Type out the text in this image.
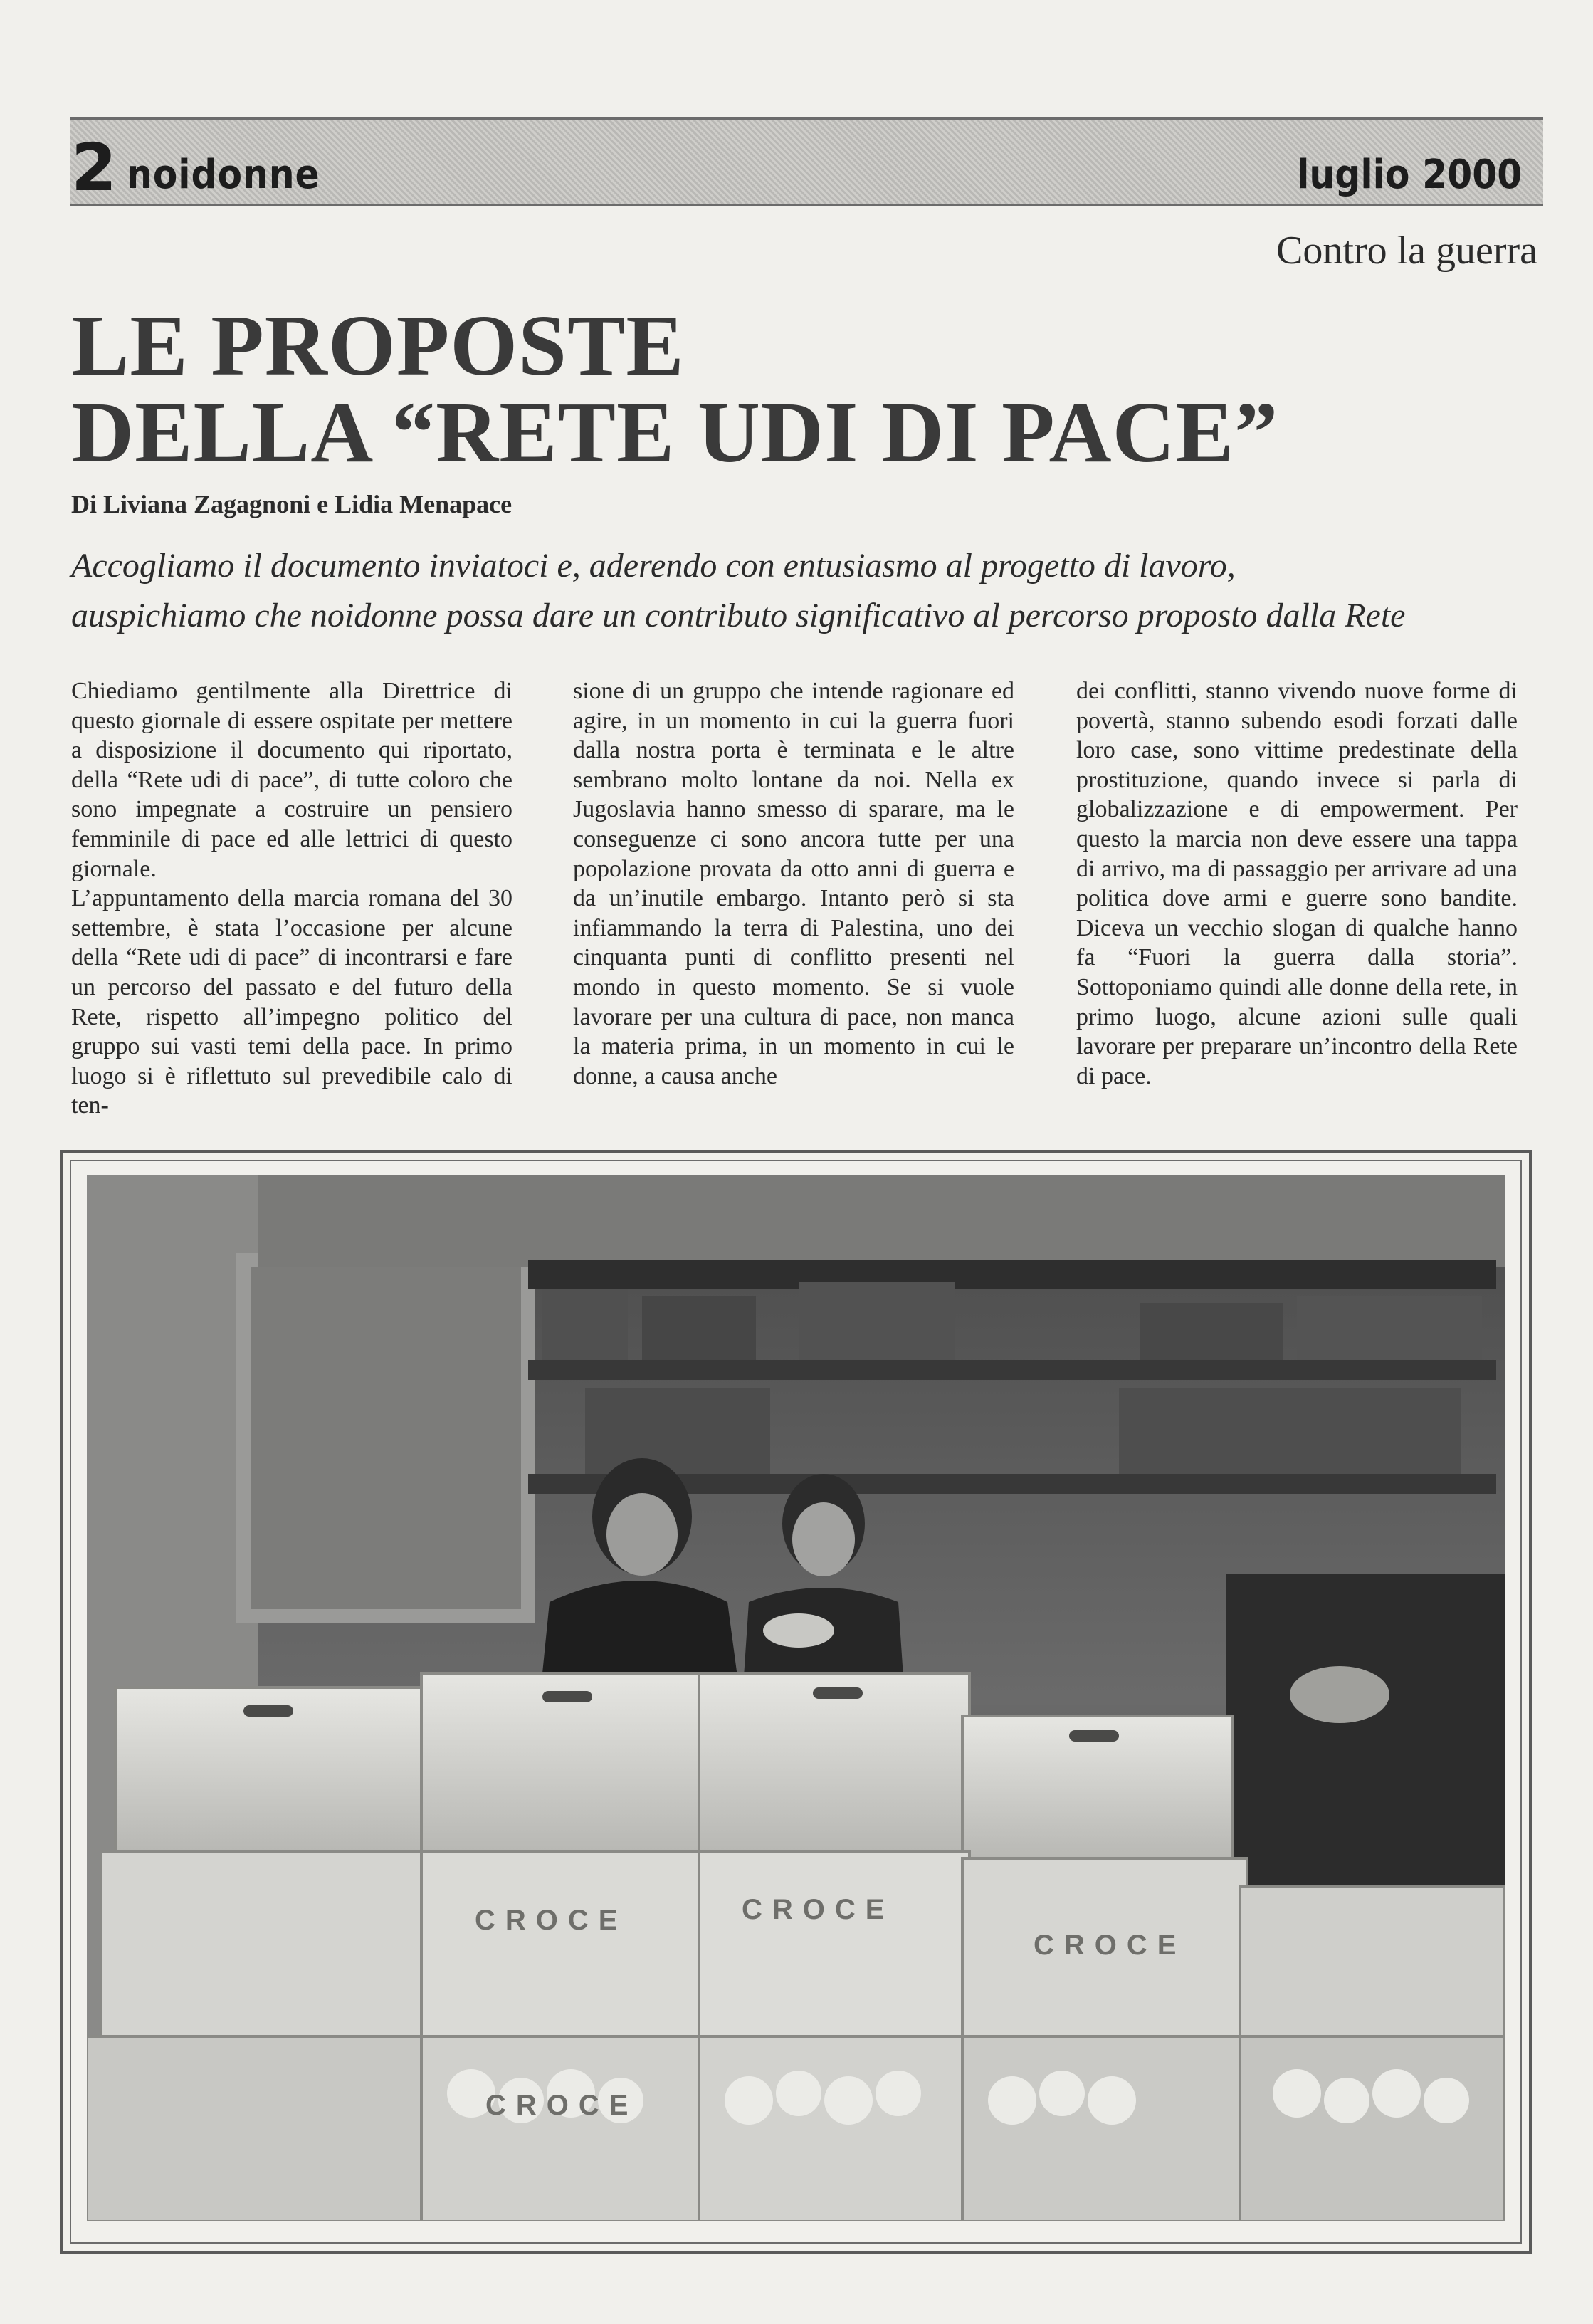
2 noidonne	luglio 2000
Contro la guerra
LE PROPOSTE
DELLA “RETE UDI DI PACE”
Di Liviana Zagagnoni e Lidia Menapace
Accogliamo il documento inviatoci e, aderendo con entusiasmo al progetto di lavoro,
auspichiamo che noidonne possa dare un contributo significativo al percorso proposto dalla Rete

Chiediamo gentilmente alla Direttrice di questo giornale di essere ospitate per mettere a disposizione il documento qui riportato, della “Rete udi di pace”, di tutte coloro che sono impegnate a costruire un pensiero femminile di pace ed alle lettrici di questo giornale.

L’appuntamento della marcia romana del 30 settembre, è stata l’occasione per alcune della “Rete udi di pace” di incontrarsi e fare un percorso del passato e del futuro della Rete, rispetto all’impegno politico del gruppo sui vasti temi della pace. In primo luogo si è riflettuto sul prevedibile calo di ten-

sione di un gruppo che intende ragionare ed agire, in un momento in cui la guerra fuori dalla nostra porta è terminata e le altre sembrano molto lontane da noi. Nella ex Jugoslavia hanno smesso di sparare, ma le conseguenze ci sono ancora tutte per una popolazione provata da otto anni di guerra e da un’inutile embargo. Intanto però si sta infiammando la terra di Palestina, uno dei cinquanta punti di conflitto presenti nel mondo in questo momento. Se si vuole lavorare per una cultura di pace, non manca la materia prima, in un momento in cui le donne, a causa anche

dei conflitti, stanno vivendo nuove forme di povertà, stanno subendo esodi forzati dalle loro case, sono vittime predestinate della prostituzione, quando invece si parla di globalizzazione e di empowerment. Per questo la marcia non deve essere una tappa di arrivo, ma di passaggio per arrivare ad una politica dove armi e guerre sono bandite. Diceva un vecchio slogan di qualche hanno fa “Fuori la guerra dalla storia”. Sottoponiamo quindi alle donne della rete, in primo luogo, alcune azioni sulle quali lavorare per preparare un’incontro della Rete di pace.

CROCE	CROCE
CROCE
CROCE
